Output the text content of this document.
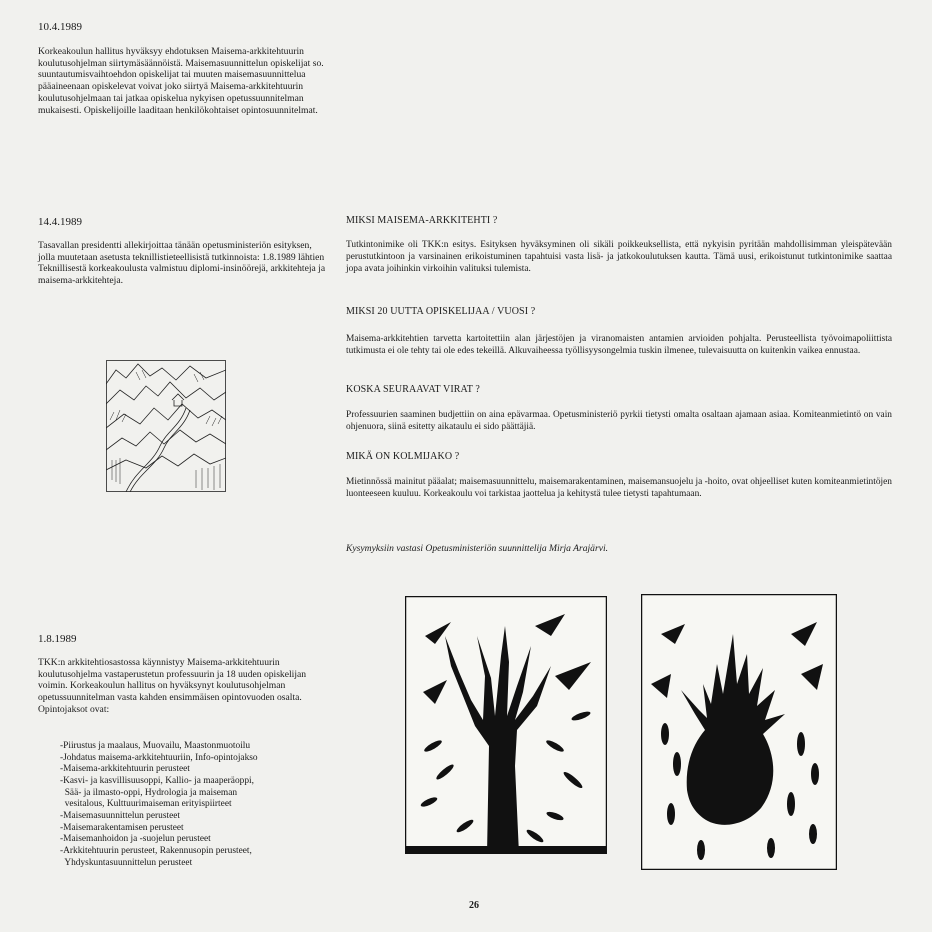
10.4.1989

Korkeakoulun hallitus hyväksyy ehdotuksen Maisema-arkkitehtuurin koulutusohjelman siirtymäsäännöistä. Maisemasuunnittelun opiskelijat so. suuntautumisvaihtoehdon opiskelijat tai muuten maisemasuunnittelua pääaineenaan opiskelevat voivat joko siirtyä Maisema-arkkitehtuurin koulutusohjelmaan tai jatkaa opiskelua nykyisen opetussuunnitelman mukaisesti. Opiskelijoille laaditaan henkilökohtaiset opintosuunnitelmat.

14.4.1989

Tasavallan presidentti allekirjoittaa tänään opetusministeriön esityksen, jolla muutetaan asetusta teknillistieteellisistä tutkinnoista: 1.8.1989 lähtien Teknillisestä korkeakoulusta valmistuu diplomi-insinöörejä, arkkitehteja ja maisema-arkkitehteja.

1.8.1989

TKK:n arkkitehtiosastossa käynnistyy Maisema-arkkitehtuurin koulutusohjelma vastaperustetun professuurin ja 18 uuden opiskelijan voimin. Korkeakoulun hallitus on hyväksynyt koulutusohjelman opetussuunnitelman vasta kahden ensimmäisen opintovuoden osalta. Opintojaksot ovat:

-Piirustus ja maalaus, Muovailu, Maastonmuotoilu
-Johdatus maisema-arkkitehtuuriin, Info-opintojakso
-Maisema-arkkitehtuurin perusteet
-Kasvi- ja kasvillisuusoppi, Kallio- ja maaperäoppi,
Sää- ja ilmasto-oppi, Hydrologia ja maiseman
vesitalous, Kulttuurimaiseman erityispiirteet
-Maisemasuunnittelun perusteet
-Maisemarakentamisen perusteet
-Maisemanhoidon ja -suojelun perusteet
-Arkkitehtuurin perusteet, Rakennusopin perusteet,
Yhdyskuntasuunnittelun perusteet

MIKSI MAISEMA-ARKKITEHTI ?

Tutkintonimike oli TKK:n esitys. Esityksen hyväksyminen oli sikäli poikkeuksellista, että nykyisin pyritään mahdollisimman yleispätevään perustutkintoon ja varsinainen erikoistuminen tapahtuisi vasta lisä- ja jatkokoulutuksen kautta. Tämä uusi, erikoistunut tutkintonimike saattaa jopa avata joihinkin virkoihin valituksi tulemista.

MIKSI 20 UUTTA OPISKELIJAA / VUOSI ?

Maisema-arkkitehtien tarvetta kartoitettiin alan järjestöjen ja viranomaisten antamien arvioiden pohjalta. Perusteellista työvoimapoliittista tutkimusta ei ole tehty tai ole edes tekeillä. Alkuvaiheessa työllisyysongelmia tuskin ilmenee, tulevaisuutta on kuitenkin vaikea ennustaa.

KOSKA SEURAAVAT VIRAT ?

Professuurien saaminen budjettiin on aina epävarmaa. Opetusministeriö pyrkii tietysti omalta osaltaan ajamaan asiaa. Komiteanmietintö on vain ohjenuora, siinä esitetty aikataulu ei sido päättäjiä.

MIKÄ ON KOLMIJAKO ?

Mietinnössä mainitut pääalat; maisemasuunnittelu, maisemarakentaminen, maisemansuojelu ja -hoito, ovat ohjeelliset kuten komiteanmietintöjen luonteeseen kuuluu. Korkeakoulu voi tarkistaa jaottelua ja kehitystä tulee tietysti tapahtumaan.

Kysymyksiin vastasi Opetusministeriön suunnittelija Mirja Arajärvi.

26
